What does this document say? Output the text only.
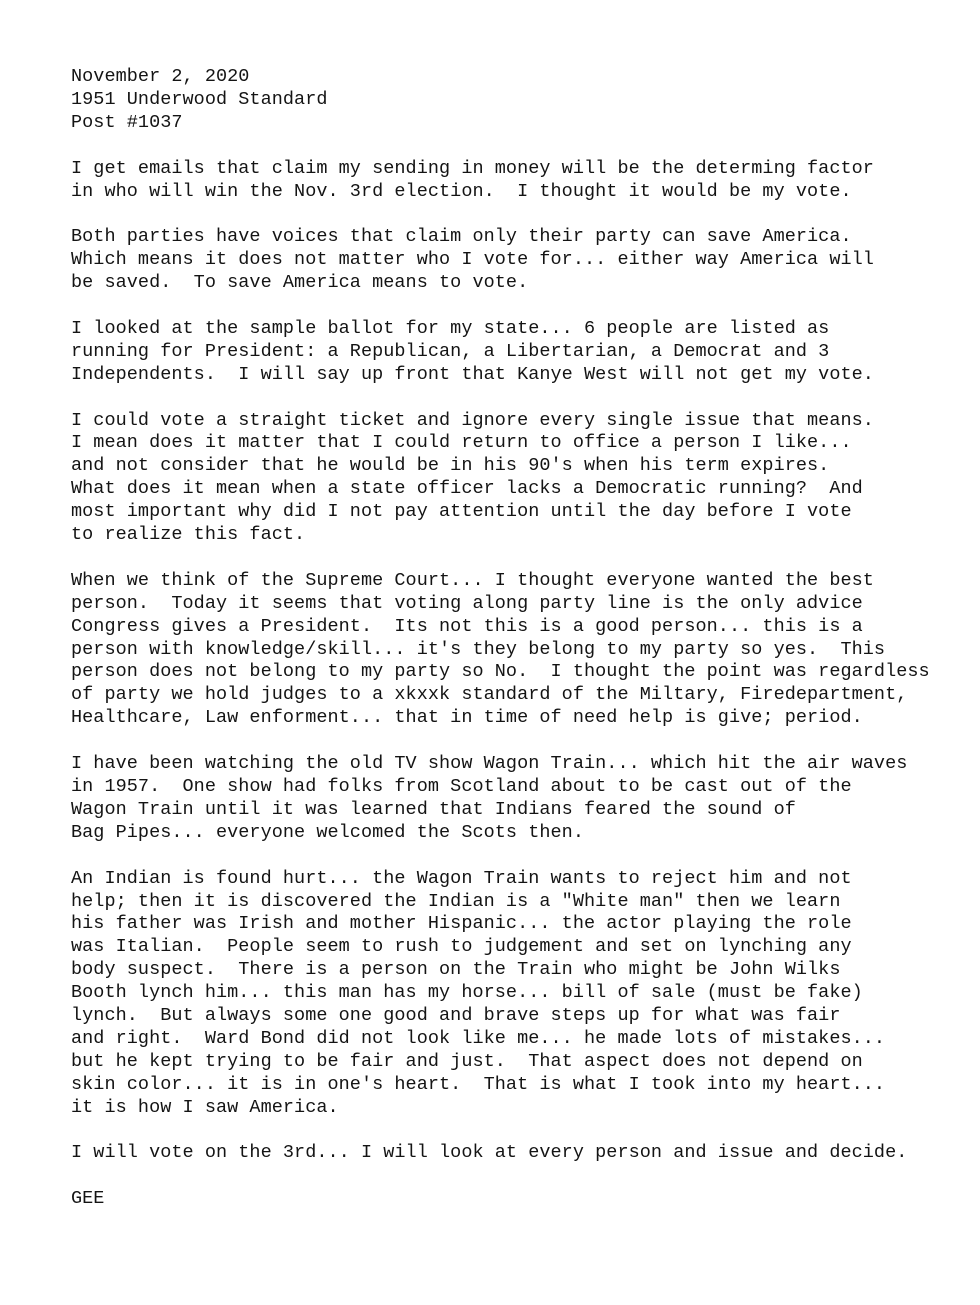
November 2, 2020
1951 Underwood Standard
Post #1037
I get emails that claim my sending in money will be the determing factor
in who will win the Nov. 3rd election.  I thought it would be my vote.
Both parties have voices that claim only their party can save America.
Which means it does not matter who I vote for... either way America will
be saved.  To save America means to vote.
I looked at the sample ballot for my state... 6 people are listed as
running for President: a Republican, a Libertarian, a Democrat and 3
Independents.  I will say up front that Kanye West will not get my vote.
I could vote a straight ticket and ignore every single issue that means.
I mean does it matter that I could return to office a person I like...
and not consider that he would be in his 90's when his term expires.
What does it mean when a state officer lacks a Democratic running?  And
most important why did I not pay attention until the day before I vote
to realize this fact.
When we think of the Supreme Court... I thought everyone wanted the best
person.  Today it seems that voting along party line is the only advice
Congress gives a President.  Its not this is a good person... this is a
person with knowledge/skill... it's they belong to my party so yes.  This
person does not belong to my party so No.  I thought the point was regardless
of party we hold judges to a xkxxk standard of the Miltary, Firedepartment,
Healthcare, Law enforment... that in time of need help is give; period.
I have been watching the old TV show Wagon Train... which hit the air waves
in 1957.  One show had folks from Scotland about to be cast out of the
Wagon Train until it was learned that Indians feared the sound of
Bag Pipes... everyone welcomed the Scots then.
An Indian is found hurt... the Wagon Train wants to reject him and not
help; then it is discovered the Indian is a "White man" then we learn
his father was Irish and mother Hispanic... the actor playing the role
was Italian.  People seem to rush to judgement and set on lynching any
body suspect.  There is a person on the Train who might be John Wilks
Booth lynch him... this man has my horse... bill of sale (must be fake)
lynch.  But always some one good and brave steps up for what was fair
and right.  Ward Bond did not look like me... he made lots of mistakes...
but he kept trying to be fair and just.  That aspect does not depend on
skin color... it is in one's heart.  That is what I took into my heart...
it is how I saw America.
I will vote on the 3rd... I will look at every person and issue and decide.
GEE
